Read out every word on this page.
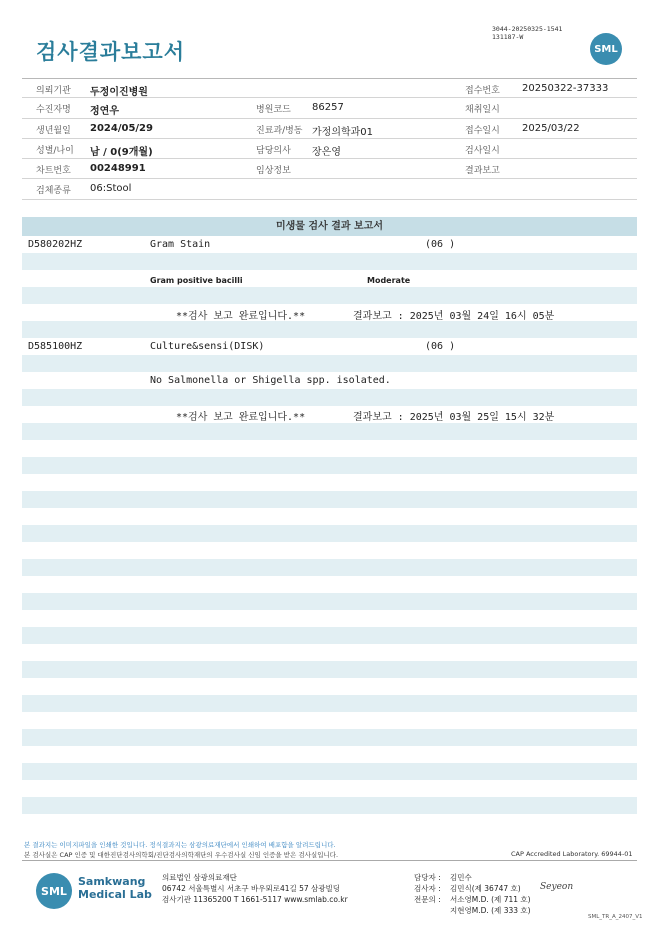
검사결과보고서
3044-20250325-1541
131187-W
SML
의뢰기관 두정이진병원	접수번호 20250322-37333
수진자명 정연우	병원코드 86257	채취일시
생년월일 2024/05/29	진료과/병동 가정의학과01	접수일시 2025/03/22
성별/나이 남 / 0(9개월)	담당의사 장은영	검사일시
차트번호 00248991	임상정보	결과보고
검체종류 06:Stool
미생물 검사 결과 보고서
D580202HZ	Gram Stain	(06 )
Gram positive bacilli	Moderate
**검사 보고 완료입니다.**	결과보고 : 2025년 03월 24일 16시 05분
D585100HZ	Culture&sensi(DISK)	(06 )
No Salmonella or Shigella spp. isolated.
**검사 보고 완료입니다.**	결과보고 : 2025년 03월 25일 15시 32분
본 결과지는 이미지파일을 인쇄한 것입니다. 정식결과지는 삼광의료재단에서 인쇄하여 배포함을 알려드립니다.
본 검사실은 CAP 인증 및 대한진단검사의학회/진단검사의학재단의 우수검사실 신임 인증을 받은 검사실입니다.	CAP Accredited Laboratory. 69944-01
SML
Samkwang
Medical Lab
의료법인 삼광의료재단
06742 서울특별시 서초구 바우뫼로41길 57 삼광빌딩
검사기관 11365200 T 1661-5117 www.smlab.co.kr
담당자 : 김민수
검사자 : 김민식(제 36747 호)
전문의 : 서소영M.D. (제 711 호)
지현영M.D. (제 333 호)
Seyeon
SML_TR_A_2407_V1
